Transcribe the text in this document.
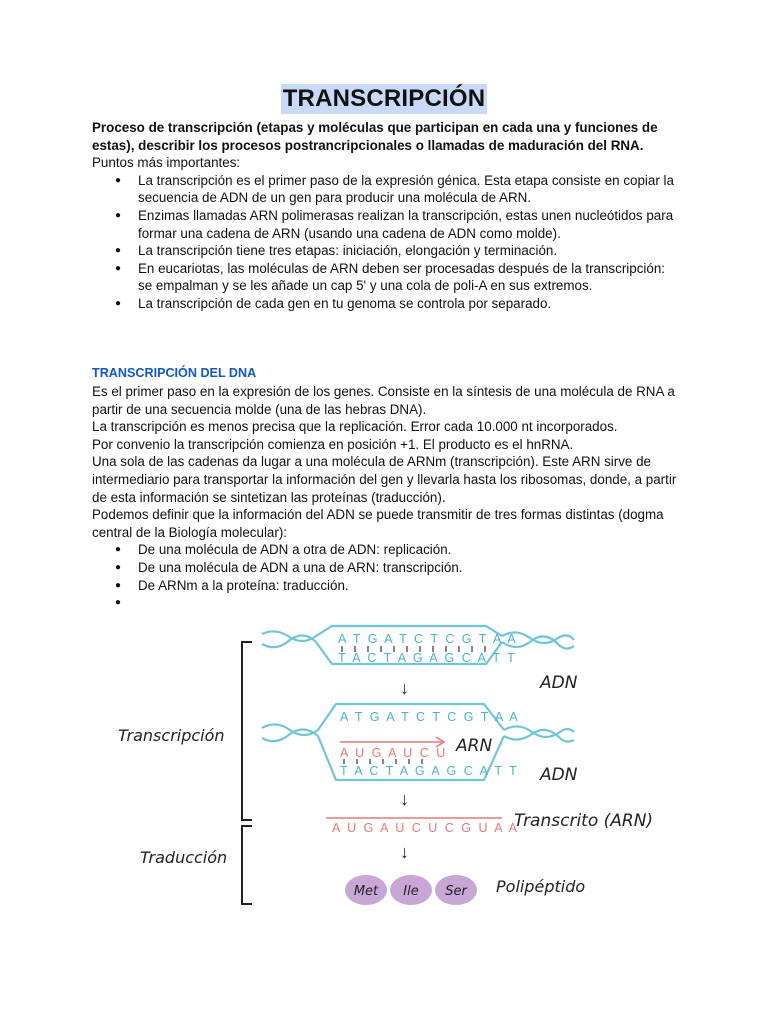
TRANSCRIPCIÓN
Proceso de transcripción (etapas y moléculas que participan en cada una y funciones de estas), describir los procesos postrancripcionales o llamadas de maduración del RNA.
Puntos más importantes:
● La transcripción es el primer paso de la expresión génica. Esta etapa consiste en copiar la secuencia de ADN de un gen para producir una molécula de ARN.
● Enzimas llamadas ARN polimerasas realizan la transcripción, estas unen nucleótidos para formar una cadena de ARN (usando una cadena de ADN como molde).
● La transcripción tiene tres etapas: iniciación, elongación y terminación.
● En eucariotas, las moléculas de ARN deben ser procesadas después de la transcripción: se empalman y se les añade un cap 5' y una cola de poli-A en sus extremos.
● La transcripción de cada gen en tu genoma se controla por separado.
TRANSCRIPCIÓN DEL DNA

Es el primer paso en la expresión de los genes. Consiste en la síntesis de una molécula de RNA a partir de una secuencia molde (una de las hebras DNA).

La transcripción es menos precisa que la replicación. Error cada 10.000 nt incorporados.

Por convenio la transcripción comienza en posición +1. El producto es el hnRNA.

Una sola de las cadenas da lugar a una molécula de ARNm (transcripción). Este ARN sirve de intermediario para transportar la información del gen y llevarla hasta los ribosomas, donde, a partir de esta información se sintetizan las proteínas (traducción).

Podemos definir que la información del ADN se puede transmitir de tres formas distintas (dogma central de la Biología molecular):

● De una molécula de ADN a otra de ADN: replicación.
● De una molécula de ADN a una de ARN: transcripción.
● De ARNm a la proteína: traducción.
●
Transcripción
Traducción
A T G A T C T C G T A A
T A C T A G A G C A T T
ADN
↓
A T G A T C T C G T A A
A U G A U C U
T A C T A G A G C A T T
ARN
ADN
↓
A U G A U C U C G U A A
Transcrito (ARN)
↓
Met Ile Ser Polipéptido
